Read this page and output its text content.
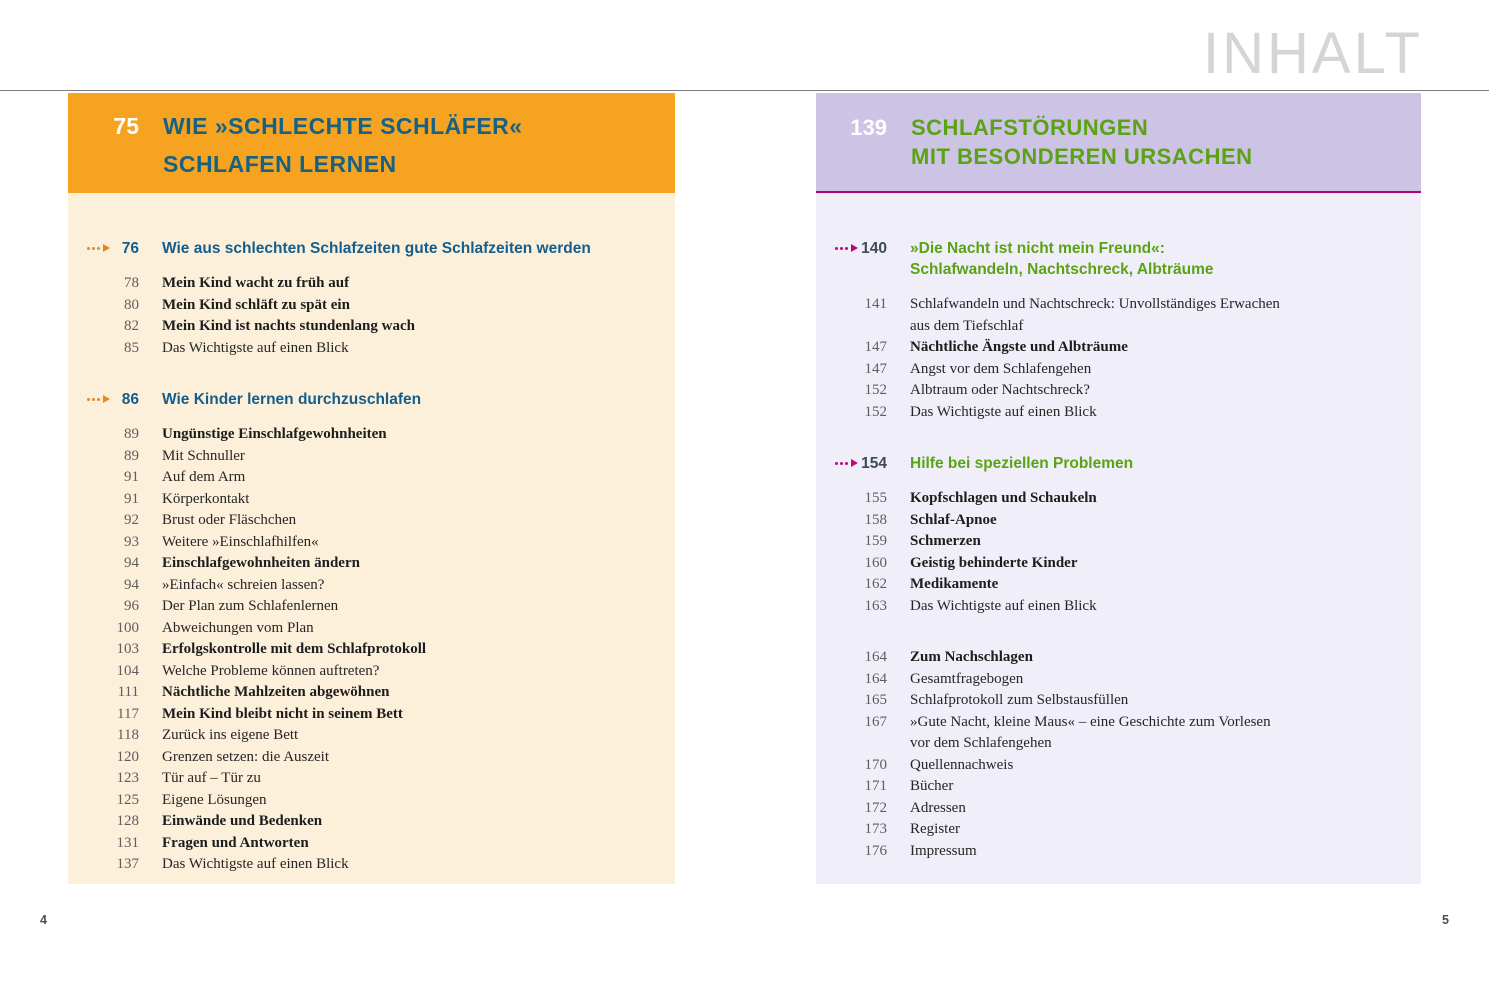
INHALT
75 WIE »SCHLECHTE SCHLÄFER«
SCHLAFEN LERNEN
76 Wie aus schlechten Schlafzeiten gute Schlafzeiten werden
78 Mein Kind wacht zu früh auf
80 Mein Kind schläft zu spät ein
82 Mein Kind ist nachts stundenlang wach
85 Das Wichtigste auf einen Blick
86 Wie Kinder lernen durchzuschlafen
89 Ungünstige Einschlafgewohnheiten
89 Mit Schnuller
91 Auf dem Arm
91 Körperkontakt
92 Brust oder Fläschchen
93 Weitere »Einschlafhilfen«
94 Einschlafgewohnheiten ändern
94 »Einfach« schreien lassen?
96 Der Plan zum Schlafenlernen
100 Abweichungen vom Plan
103 Erfolgskontrolle mit dem Schlafprotokoll
104 Welche Probleme können auftreten?
111 Nächtliche Mahlzeiten abgewöhnen
117 Mein Kind bleibt nicht in seinem Bett
118 Zurück ins eigene Bett
120 Grenzen setzen: die Auszeit
123 Tür auf – Tür zu
125 Eigene Lösungen
128 Einwände und Bedenken
131 Fragen und Antworten
137 Das Wichtigste auf einen Blick
139 SCHLAFSTÖRUNGEN
MIT BESONDEREN URSACHEN
140 »Die Nacht ist nicht mein Freund«:
Schlafwandeln, Nachtschreck, Albträume
141 Schlafwandeln und Nachtschreck: Unvollständiges Erwachen
aus dem Tiefschlaf
147 Nächtliche Ängste und Albträume
147 Angst vor dem Schlafengehen
152 Albtraum oder Nachtschreck?
152 Das Wichtigste auf einen Blick
154 Hilfe bei speziellen Problemen
155 Kopfschlagen und Schaukeln
158 Schlaf-Apnoe
159 Schmerzen
160 Geistig behinderte Kinder
162 Medikamente
163 Das Wichtigste auf einen Blick
164 Zum Nachschlagen
164 Gesamtfragebogen
165 Schlafprotokoll zum Selbstausfüllen
167 »Gute Nacht, kleine Maus« – eine Geschichte zum Vorlesen
vor dem Schlafengehen
170 Quellennachweis
171 Bücher
172 Adressen
173 Register
176 Impressum
4	5
